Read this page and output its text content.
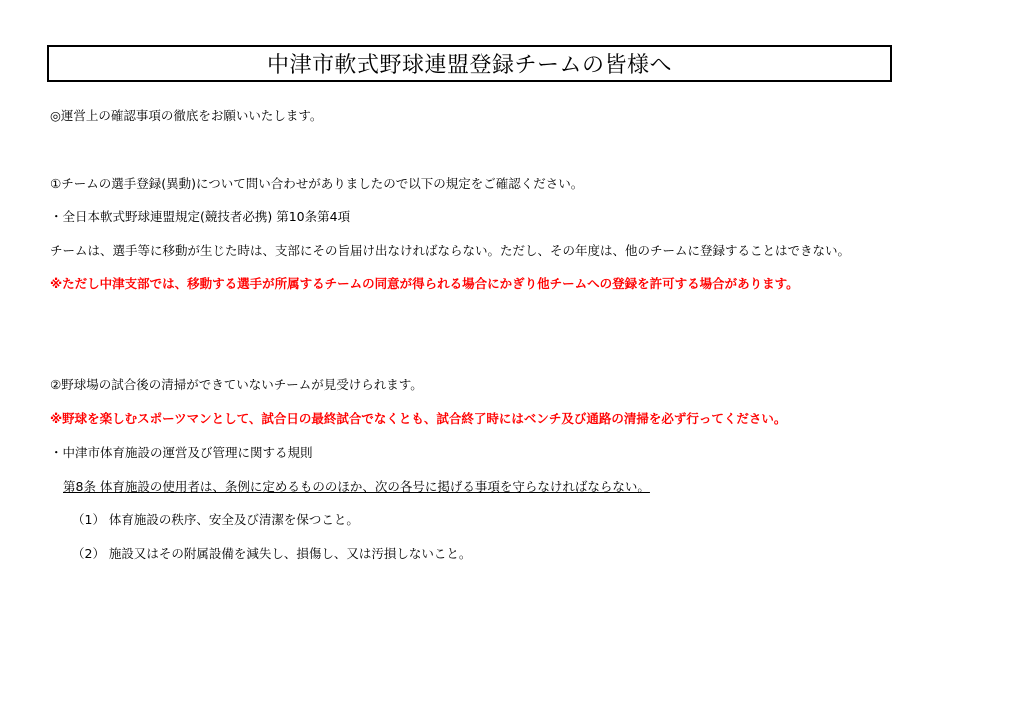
中津市軟式野球連盟登録チームの皆様へ
◎運営上の確認事項の徹底をお願いいたします。
①チームの選手登録(異動)について問い合わせがありましたので以下の規定をご確認ください。
・全日本軟式野球連盟規定(競技者必携) 第10条第4項
チームは、選手等に移動が生じた時は、支部にその旨届け出なければならない。ただし、その年度は、他のチームに登録することはできない。
※ただし中津支部では、移動する選手が所属するチームの同意が得られる場合にかぎり他チームへの登録を許可する場合があります。
②野球場の試合後の清掃ができていないチームが見受けられます。
※野球を楽しむスポーツマンとして、試合日の最終試合でなくとも、試合終了時にはベンチ及び通路の清掃を必ず行ってください。
・中津市体育施設の運営及び管理に関する規則
第8条 体育施設の使用者は、条例に定めるもののほか、次の各号に掲げる事項を守らなければならない。
（1） 体育施設の秩序、安全及び清潔を保つこと。
（2） 施設又はその附属設備を減失し、損傷し、又は汚損しないこと。
